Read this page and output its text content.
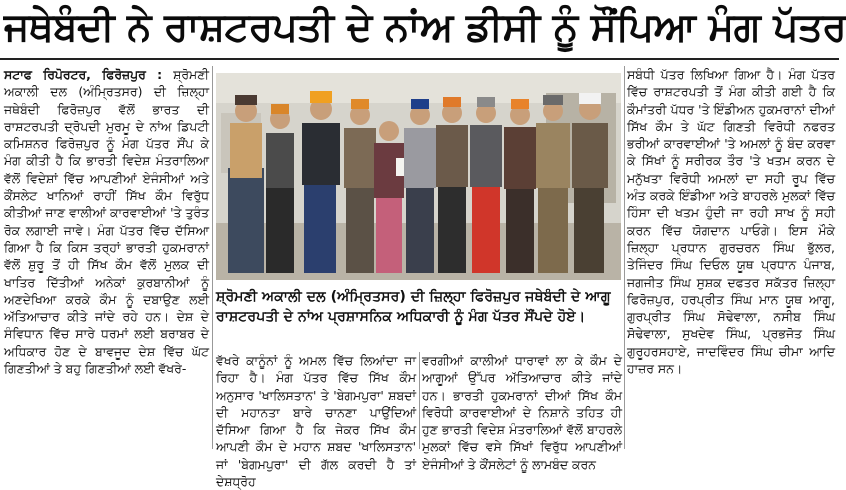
ਜਥੇਬੰਦੀ ਨੇ ਰਾਸ਼ਟਰਪਤੀ ਦੇ ਨਾਂਅ ਡੀਸੀ ਨੂੰ ਸੌਂਪਿਆ ਮੰਗ ਪੱਤਰ

ਸਟਾਫ ਰਿਪੋਰਟਰ, ਫਿਰੋਜ਼ਪੁਰ : ਸ਼੍ਰੋਮਣੀ ਅਕਾਲੀ ਦਲ (ਅੰਮ੍ਰਿਤਸਰ) ਦੀ ਜ਼ਿਲ੍ਹਾ ਜਥੇਬੰਦੀ ਫਿਰੋਜ਼ਪੁਰ ਵੱਲੋਂ ਭਾਰਤ ਦੀ ਰਾਸ਼ਟਰਪਤੀ ਦ੍ਰੋਪਦੀ ਮੁਰਮੂ ਦੇ ਨਾਂਅ ਡਿਪਟੀ ਕਮਿਸ਼ਨਰ ਫਿਰੋਜ਼ਪੁਰ ਨੂੰ ਮੰਗ ਪੱਤਰ ਸੌਂਪ ਕੇ ਮੰਗ ਕੀਤੀ ਹੈ ਕਿ ਭਾਰਤੀ ਵਿਦੇਸ਼ ਮੰਤਰਾਲਿਆ ਵੱਲੋਂ ਵਿਦੇਸ਼ਾਂ ਵਿੱਚ ਆਪਣੀਆਂ ਏਜੰਸੀਆਂ ਅਤੇ ਕੌਂਸਲੇਟ ਖਾਨਿਆਂ ਰਾਹੀਂ ਸਿੱਖ ਕੌਮ ਵਿਰੁੱਧ ਕੀਤੀਆਂ ਜਾਣ ਵਾਲੀਆਂ ਕਾਰਵਾਈਆਂ 'ਤੇ ਤੁਰੰਤ ਰੋਕ ਲਗਾਈ ਜਾਵੇ। ਮੰਗ ਪੱਤਰ ਵਿੱਚ ਦੱਸਿਆ ਗਿਆ ਹੈ ਕਿ ਕਿਸ ਤਰ੍ਹਾਂ ਭਾਰਤੀ ਹੁਕਮਰਾਨਾਂ ਵੱਲੋਂ ਸ਼ੁਰੂ ਤੋਂ ਹੀ ਸਿੱਖ ਕੌਮ ਵੱਲੋਂ ਮੁਲਕ ਦੀ ਖਾਤਿਰ ਦਿੱਤੀਆਂ ਅਨੇਕਾਂ ਕੁਰਬਾਨੀਆਂ ਨੂੰ ਅਣਦੇਖਿਆ ਕਰਕੇ ਕੌਮ ਨੂੰ ਦਬਾਉਣ ਲਈ ਅੱਤਿਆਚਾਰ ਕੀਤੇ ਜਾਂਦੇ ਰਹੇ ਹਨ। ਦੇਸ਼ ਦੇ ਸੰਵਿਧਾਨ ਵਿੱਚ ਸਾਰੇ ਧਰਮਾਂ ਲਈ ਬਰਾਬਰ ਦੇ ਅਧਿਕਾਰ ਹੋਣ ਦੇ ਬਾਵਜੂਦ ਦੇਸ਼ ਵਿੱਚ ਘੱਟ ਗਿਣਤੀਆਂ ਤੇ ਬਹੁ ਗਿਣਤੀਆਂ ਲਈ ਵੱਖਰੇ-

ਸ਼੍ਰੋਮਣੀ ਅਕਾਲੀ ਦਲ (ਅੰਮ੍ਰਿਤਸਰ) ਦੀ ਜ਼ਿਲ੍ਹਾ ਫਿਰੋਜ਼ਪੁਰ ਜਥੇਬੰਦੀ ਦੇ ਆਗੂ ਰਾਸ਼ਟਰਪਤੀ ਦੇ ਨਾਂਅ ਪ੍ਰਸ਼ਾਸਨਿਕ ਅਧਿਕਾਰੀ ਨੂੰ ਮੰਗ ਪੱਤਰ ਸੌਂਪਦੇ ਹੋਏ।

ਵੱਖਰੇ ਕਾਨੂੰਨਾਂ ਨੂੰ ਅਮਲ ਵਿੱਚ ਲਿਆਂਦਾ ਜਾ ਰਿਹਾ ਹੈ। ਮੰਗ ਪੱਤਰ ਵਿੱਚ ਸਿੱਖ ਕੌਮ ਅਨੁਸਾਰ 'ਖਾਲਿਸਤਾਨ' ਤੇ 'ਬੇਗਮਪੁਰਾ' ਸ਼ਬਦਾਂ ਦੀ ਮਹਾਨਤਾ ਬਾਰੇ ਚਾਨਣਾ ਪਾਉਂਦਿਆਂ ਦੱਸਿਆ ਗਿਆ ਹੈ ਕਿ ਜੇਕਰ ਸਿੱਖ ਕੌਮ ਆਪਣੀ ਕੌਮ ਦੇ ਮਹਾਨ ਸ਼ਬਦ 'ਖਾਲਿਸਤਾਨ' ਜਾਂ 'ਬੇਗਮਪੁਰਾ' ਦੀ ਗੱਲ ਕਰਦੀ ਹੈ ਤਾਂ ਦੇਸ਼ਧ੍ਰੋਹ

ਵਰਗੀਆਂ ਕਾਲੀਆਂ ਧਾਰਾਵਾਂ ਲਾ ਕੇ ਕੌਮ ਦੇ ਆਗੂਆਂ ਉੱਪਰ ਅੱਤਿਆਚਾਰ ਕੀਤੇ ਜਾਂਦੇ ਹਨ। ਭਾਰਤੀ ਹੁਕਮਰਾਨਾਂ ਦੀਆਂ ਸਿੱਖ ਕੌਮ ਵਿਰੋਧੀ ਕਾਰਵਾਈਆਂ ਦੇ ਨਿਸ਼ਾਨੇ ਤਹਿਤ ਹੀ ਹੁਣ ਭਾਰਤੀ ਵਿਦੇਸ਼ ਮੰਤਰਾਲਿਆਂ ਵੱਲੋਂ ਬਾਹਰਲੇ ਮੁਲਕਾਂ ਵਿੱਚ ਵਸੇ ਸਿੱਖਾਂ ਵਿਰੁੱਧ ਆਪਣੀਆਂ ਏਜੰਸੀਆਂ ਤੇ ਕੌਂਸਲੇਟਾਂ ਨੂੰ ਲਾਮਬੰਦ ਕਰਨ

ਸਬੰਧੀ ਪੱਤਰ ਲਿਖਿਆ ਗਿਆ ਹੈ। ਮੰਗ ਪੱਤਰ ਵਿੱਚ ਰਾਸ਼ਟਰਪਤੀ ਤੋਂ ਮੰਗ ਕੀਤੀ ਗਈ ਹੈ ਕਿ ਕੌਮਾਂਤਰੀ ਪੱਧਰ 'ਤੇ ਇੰਡੀਅਨ ਹੁਕਮਰਾਨਾਂ ਦੀਆਂ ਸਿੱਖ ਕੌਮ ਤੇ ਘੱਟ ਗਿਣਤੀ ਵਿਰੋਧੀ ਨਫਰਤ ਭਰੀਆਂ ਕਾਰਵਾਈਆਂ 'ਤੇ ਅਮਲਾਂ ਨੂੰ ਬੰਦ ਕਰਵਾ ਕੇ ਸਿੱਖਾਂ ਨੂੰ ਸਰੀਰਕ ਤੌਰ 'ਤੇ ਖਤਮ ਕਰਨ ਦੇ ਮਨੁੱਖਤਾ ਵਿਰੋਧੀ ਅਮਲਾਂ ਦਾ ਸਹੀ ਰੂਪ ਵਿੱਚ ਅੰਤ ਕਰਕੇ ਇੰਡੀਆ ਅਤੇ ਬਾਹਰਲੇ ਮੁਲਕਾਂ ਵਿੱਚ ਹਿੰਸਾ ਦੀ ਖਤਮ ਹੁੰਦੀ ਜਾ ਰਹੀ ਸਾਖ ਨੂੰ ਸਹੀ ਕਰਨ ਵਿੱਚ ਯੋਗਦਾਨ ਪਾਓਗੇ। ਇਸ ਮੌਕੇ ਜ਼ਿਲ੍ਹਾ ਪ੍ਰਧਾਨ ਗੁਰਚਰਨ ਸਿੰਘ ਭੁੱਲਰ, ਤੇਜਿੰਦਰ ਸਿੰਘ ਦਿਓਲ ਯੂਥ ਪ੍ਰਧਾਨ ਪੰਜਾਬ, ਜਗਜੀਤ ਸਿੰਘ ਸੁਸ਼ਕ ਦਫਤਰ ਸਕੱਤਰ ਜ਼ਿਲ੍ਹਾ ਫਿਰੋਜ਼ਪੁਰ, ਹਰਪ੍ਰੀਤ ਸਿੰਘ ਮਾਨ ਯੂਥ ਆਗੂ, ਗੁਰਪ੍ਰੀਤ ਸਿੰਘ ਸੋਢੇਵਾਲਾ, ਨਸੀਬ ਸਿੰਘ ਸੋਢੇਵਾਲਾ, ਸੁਖਦੇਵ ਸਿੰਘ, ਪ੍ਰਭਜੋਤ ਸਿੰਘ ਗੁਰੂਹਰਸਹਾਏ, ਜਾਦਵਿੰਦਰ ਸਿੰਘ ਚੀਮਾ ਆਦਿ ਹਾਜ਼ਰ ਸਨ।
